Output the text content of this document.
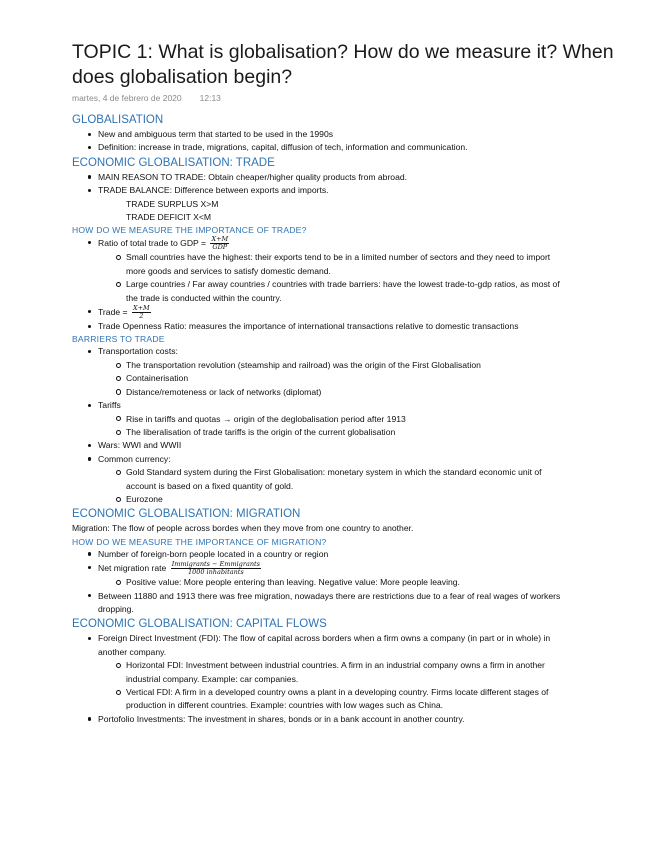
TOPIC 1: What is globalisation? How do we measure it? When does globalisation begin?
martes, 4 de febrero de 2020 12:13
GLOBALISATION
New and ambiguous term that started to be used in the 1990s
Definition: increase in trade, migrations, capital, diffusion of tech, information and communication.
ECONOMIC GLOBALISATION: TRADE
MAIN REASON TO TRADE: Obtain cheaper/higher quality products from abroad.
TRADE BALANCE: Difference between exports and imports.
TRADE SURPLUS X>M
TRADE DEFICIT X<M
HOW DO WE MEASURE THE IMPORTANCE OF TRADE?
Ratio of total trade to GDP = $\frac{X+M}{\text{GDP}}$
Small countries have the highest: their exports tend to be in a limited number of sectors and they need to import more goods and services to satisfy domestic demand.
Large countries / Far away countries / countries with trade barriers: have the lowest trade-to-gdp ratios, as most of the trade is conducted within the country.
Trade = $\frac{X+M}{2}$
Trade Openness Ratio: measures the importance of international transactions relative to domestic transactions
BARRIERS TO TRADE
Transportation costs:
The transportation revolution (steamship and railroad) was the origin of the First Globalisation
Containerisation
Distance/remoteness or lack of networks (diplomat)
Tariffs
Rise in tariffs and quotas → origin of the deglobalisation period after 1913
The liberalisation of trade tariffs is the origin of the current globalisation
Wars: WWI and WWII
Common currency:
Gold Standard system during the First Globalisation: monetary system in which the standard economic unit of account is based on a fixed quantity of gold.
Eurozone
ECONOMIC GLOBALISATION: MIGRATION
Migration: The flow of people across bordes when they move from one country to another.
HOW DO WE MEASURE THE IMPORTANCE OF MIGRATION?
Number of foreign-born people located in a country or region
Net migration rate $\frac{\text{Immigrants − Emmigrants}}{\text{1000 inhabitants}}$
Positive value: More people entering than leaving. Negative value: More people leaving.
Between 11880 and 1913 there was free migration, nowadays there are restrictions due to a fear of real wages of workers dropping.
ECONOMIC GLOBALISATION: CAPITAL FLOWS
Foreign Direct Investment (FDI): The flow of capital across borders when a firm owns a company (in part or in whole) in another company.
Horizontal FDI: Investment between industrial countries. A firm in an industrial company owns a firm in another industrial company. Example: car companies.
Vertical FDI: A firm in a developed country owns a plant in a developing country. Firms locate different stages of production in different countries. Example: countries with low wages such as China.
Portofolio Investments: The investment in shares, bonds or in a bank account in another country.
